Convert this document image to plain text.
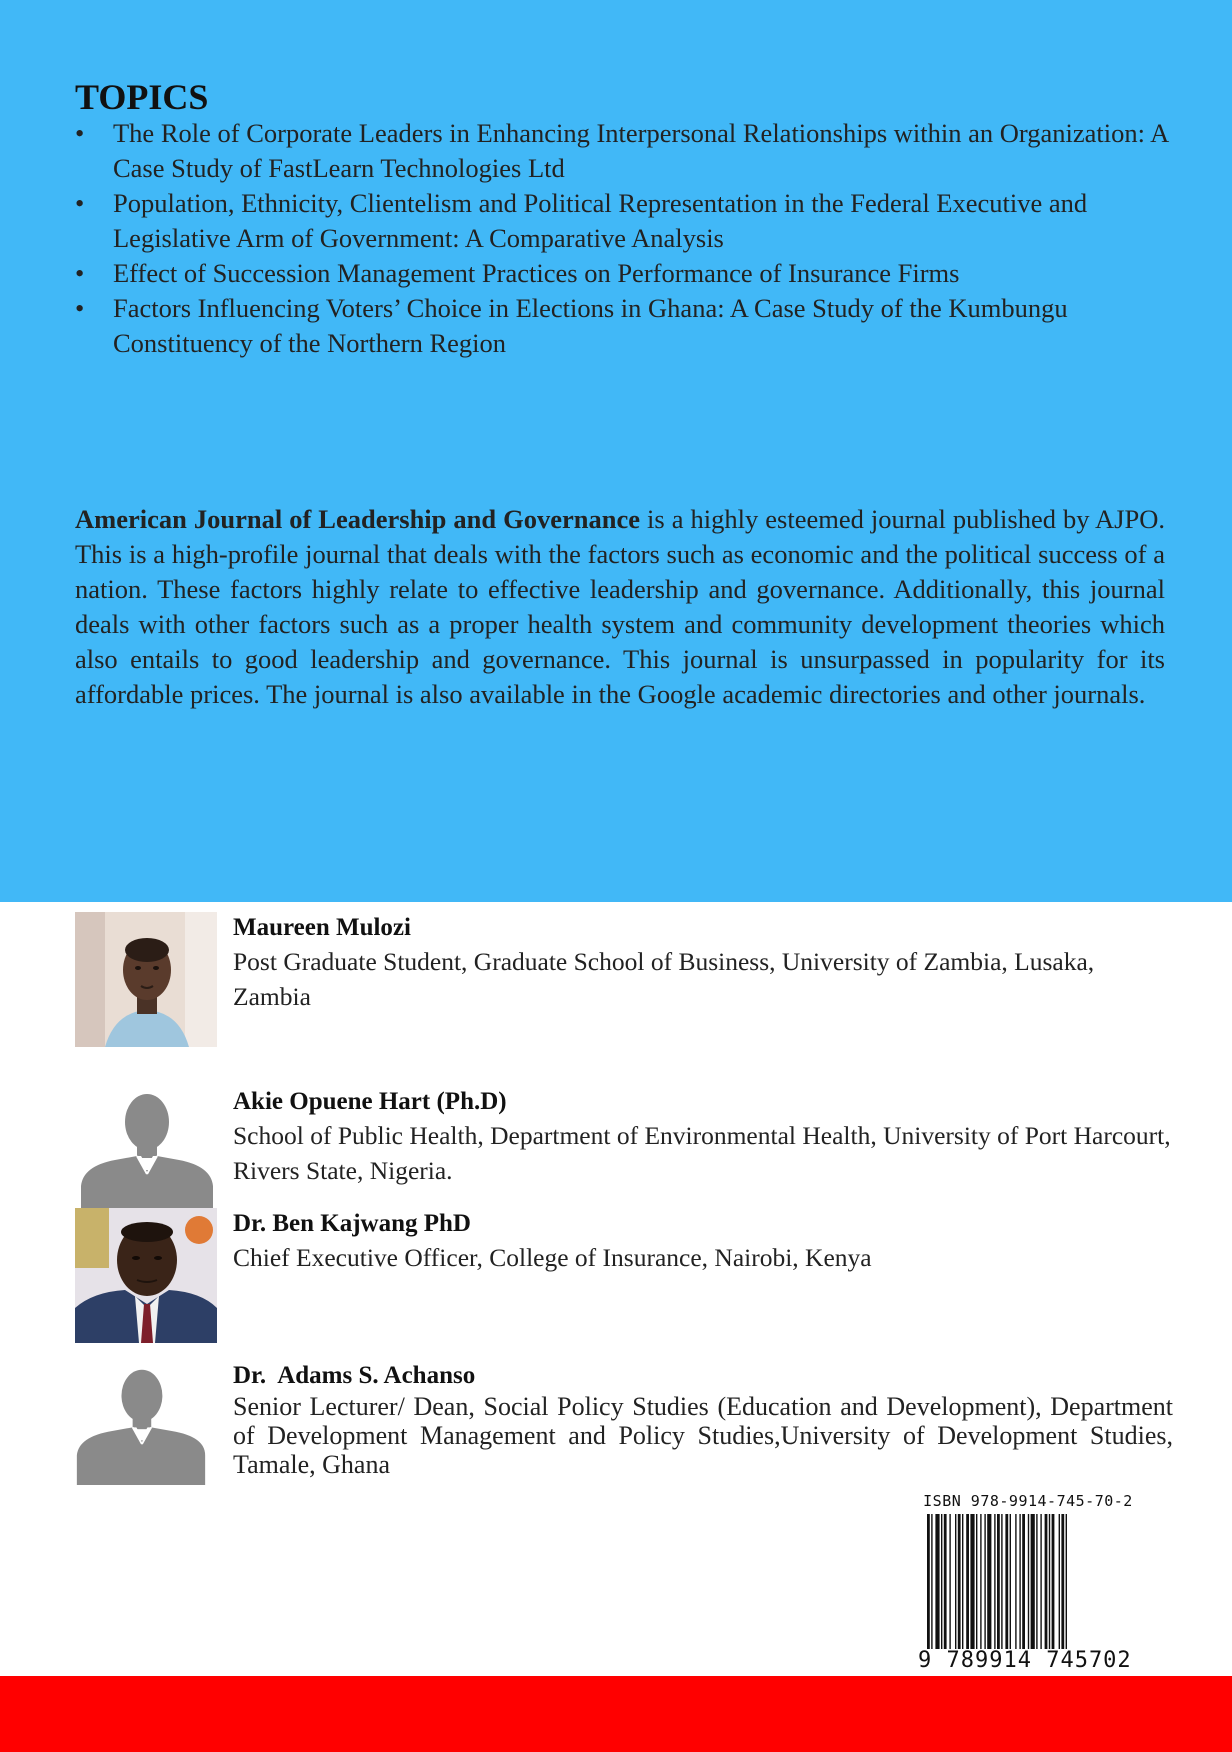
TOPICS
• The Role of Corporate Leaders in Enhancing Interpersonal Relationships within an Organization: A Case Study of FastLearn Technologies Ltd
• Population, Ethnicity, Clientelism and Political Representation in the Federal Executive and Legislative Arm of Government: A Comparative Analysis
• Effect of Succession Management Practices on Performance of Insurance Firms
• Factors Influencing Voters’ Choice in Elections in Ghana: A Case Study of the Kumbungu Constituency of the Northern Region

American Journal of Leadership and Governance is a highly esteemed journal published by AJPO. This is a high-profile journal that deals with the factors such as economic and the political success of a nation. These factors highly relate to effective leadership and governance. Additionally, this journal deals with other factors such as a proper health system and community development theories which also entails to good leadership and governance. This journal is unsurpassed in popularity for its affordable prices. The journal is also available in the Google academic directories and other journals.

Maureen Mulozi
Post Graduate Student, Graduate School of Business, University of Zambia, Lusaka, Zambia
Akie Opuene Hart (Ph.D)
School of Public Health, Department of Environmental Health, University of Port Harcourt, Rivers State, Nigeria.
Dr. Ben Kajwang PhD
Chief Executive Officer, College of Insurance, Nairobi, Kenya
Dr.  Adams S. Achanso
Senior Lecturer/ Dean, Social Policy Studies (Education and Development), Department of Development Management and Policy Studies,University of Development Studies, Tamale, Ghana
ISBN 978-9914-745-70-2
9 789914 745702
